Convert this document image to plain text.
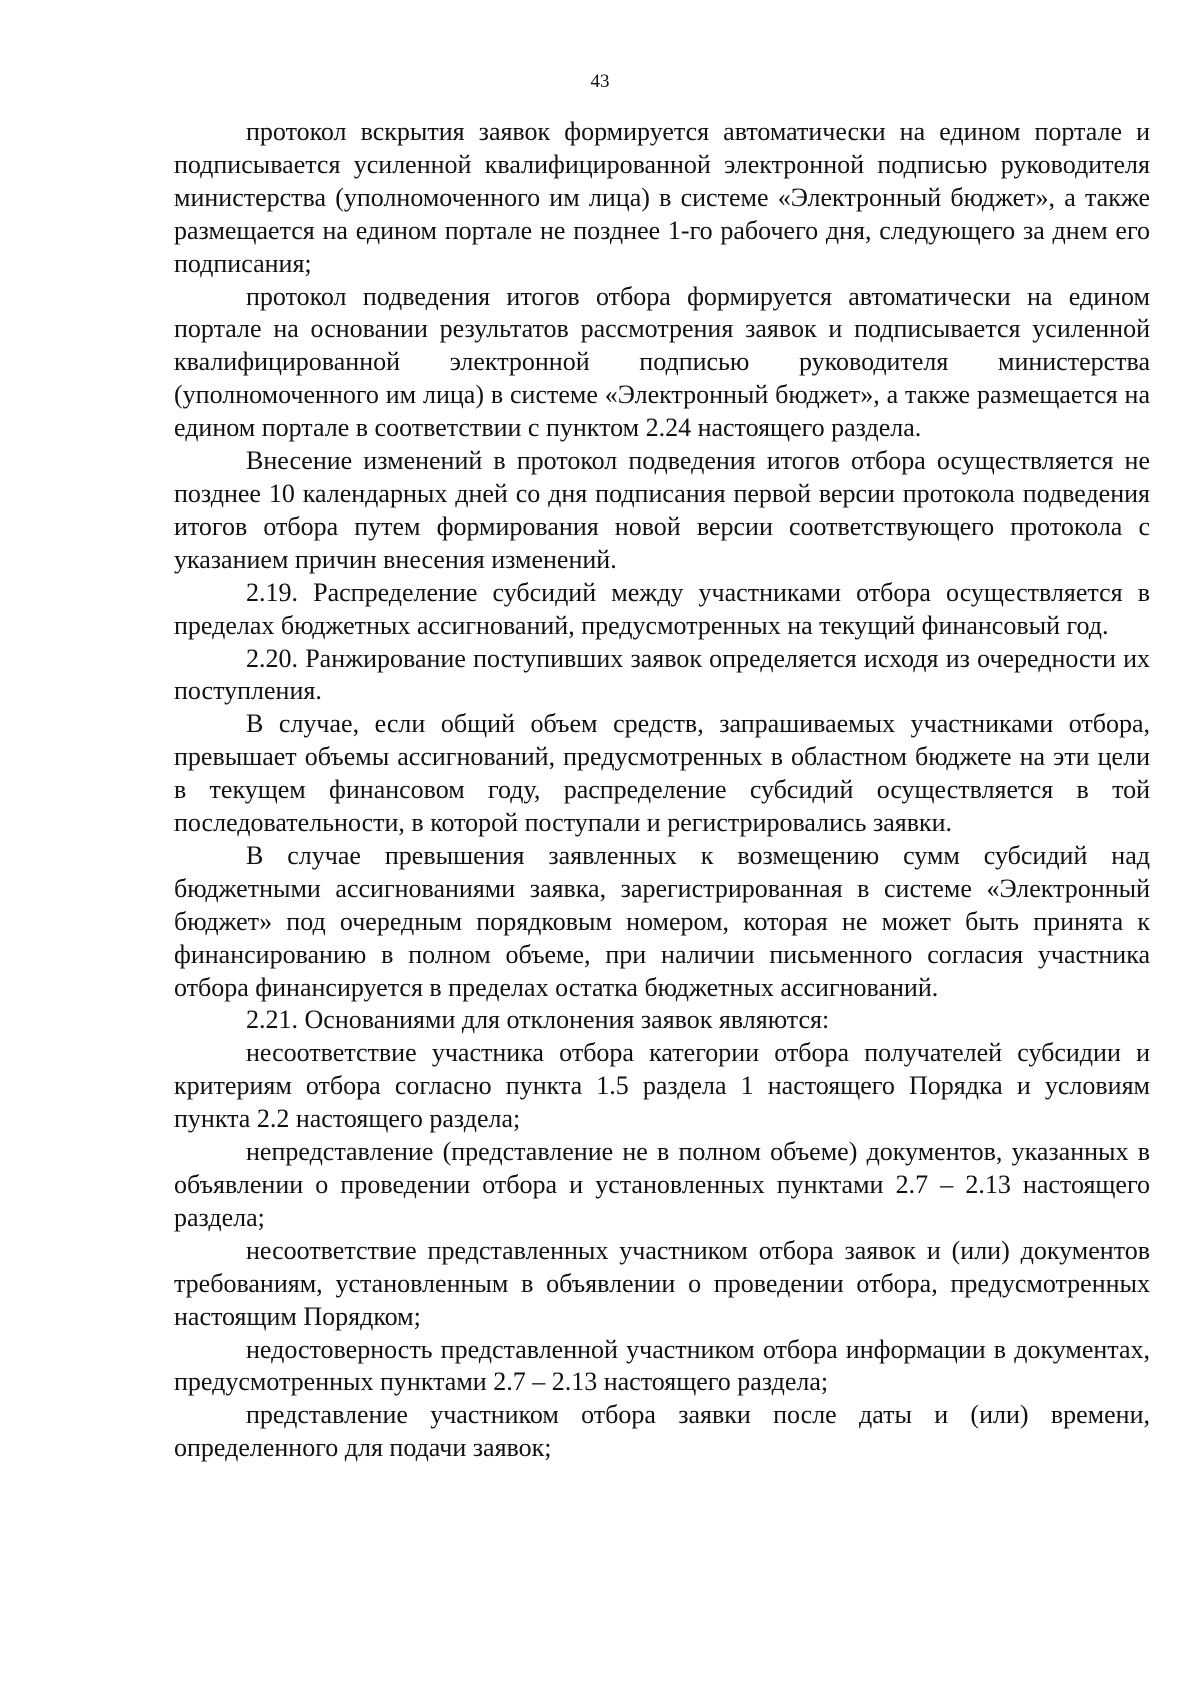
43

протокол вскрытия заявок формируется автоматически на едином портале и подписывается усиленной квалифицированной электронной подписью руководителя министерства (уполномоченного им лица) в системе «Электронный бюджет», а также размещается на едином портале не позднее 1-го рабочего дня, следующего за днем его подписания;

протокол подведения итогов отбора формируется автоматически на едином портале на основании результатов рассмотрения заявок и подписывается усиленной квалифицированной электронной подписью руководителя министерства (уполномоченного им лица) в системе «Электронный бюджет», а также размещается на едином портале в соответствии с пунктом 2.24 настоящего раздела.

Внесение изменений в протокол подведения итогов отбора осуществляется не позднее 10 календарных дней со дня подписания первой версии протокола подведения итогов отбора путем формирования новой версии соответствующего протокола с указанием причин внесения изменений.

2.19. Распределение субсидий между участниками отбора осуществляется в пределах бюджетных ассигнований, предусмотренных на текущий финансовый год.

2.20. Ранжирование поступивших заявок определяется исходя из очередности их поступления.

В случае, если общий объем средств, запрашиваемых участниками отбора, превышает объемы ассигнований, предусмотренных в областном бюджете на эти цели в текущем финансовом году, распределение субсидий осуществляется в той последовательности, в которой поступали и регистрировались заявки.

В случае превышения заявленных к возмещению сумм субсидий над бюджетными ассигнованиями заявка, зарегистрированная в системе «Электронный бюджет» под очередным порядковым номером, которая не может быть принята к финансированию в полном объеме, при наличии письменного согласия участника отбора финансируется в пределах остатка бюджетных ассигнований.

2.21. Основаниями для отклонения заявок являются:

несоответствие участника отбора категории отбора получателей субсидии и критериям отбора согласно пункта 1.5 раздела 1 настоящего Порядка и условиям пункта 2.2 настоящего раздела;

непредставление (представление не в полном объеме) документов, указанных в объявлении о проведении отбора и установленных пунктами 2.7 – 2.13 настоящего раздела;

несоответствие представленных участником отбора заявок и (или) документов требованиям, установленным в объявлении о проведении отбора, предусмотренных настоящим Порядком;

недостоверность представленной участником отбора информации в документах, предусмотренных пунктами 2.7 – 2.13 настоящего раздела;

представление участником отбора заявки после даты и (или) времени, определенного для подачи заявок;
